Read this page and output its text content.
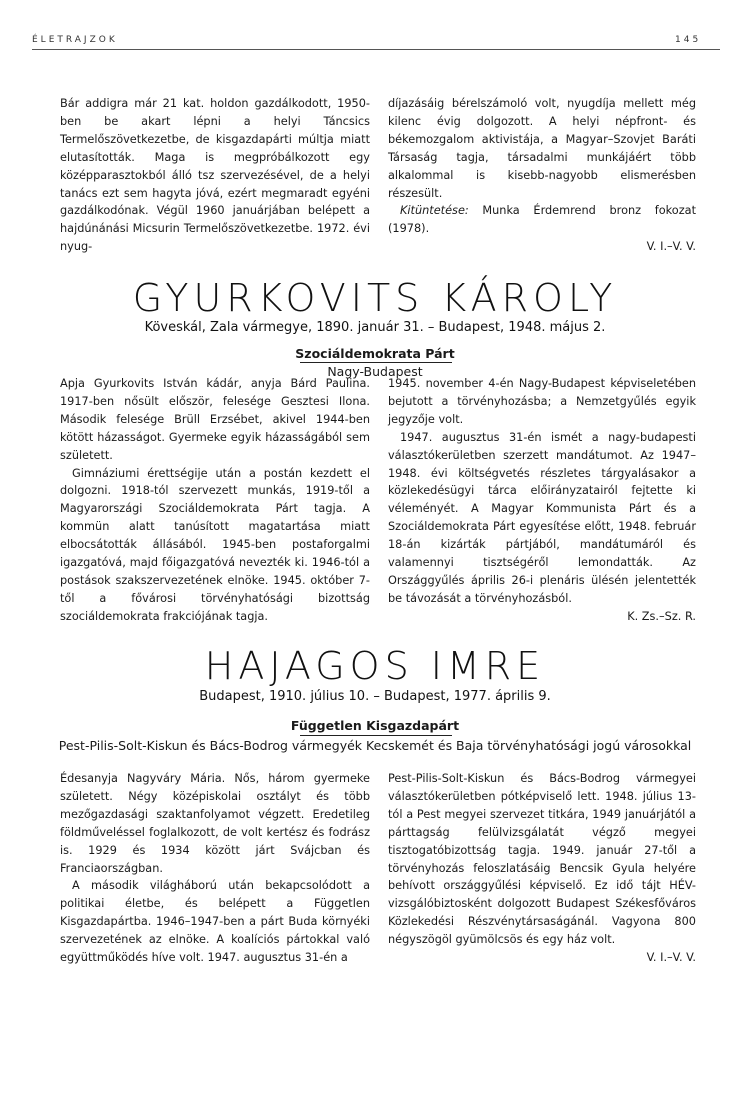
ÉLETRAJZOK	145

Bár addigra már 21 kat. holdon gazdálkodott, 1950-ben be akart lépni a helyi Táncsics Termelőszövetkezetbe, de kisgazdapárti múltja miatt elutasították. Maga is megpróbálkozott egy középparasztokból álló tsz szervezésével, de a helyi tanács ezt sem hagyta jóvá, ezért megmaradt egyéni gazdálkodónak. Végül 1960 januárjában belépett a hajdúnánási Micsurin Termelőszövetkezetbe. 1972. évi nyug-

díjazásáig bérelszámoló volt, nyugdíja mellett még kilenc évig dolgozott. A helyi népfront- és békemozgalom aktivistája, a Magyar–Szovjet Baráti Társaság tagja, társadalmi munkájáért több alkalommal is kisebb-nagyobb elismerésben részesült.

Kitüntetése: Munka Érdemrend bronz fokozat (1978).

V. I.–V. V.

GYURKOVITS KÁROLY
Köveskál, Zala vármegye, 1890. január 31. – Budapest, 1948. május 2.
Szociáldemokrata Párt
Nagy-Budapest

Apja Gyurkovits István kádár, anyja Bárd Paulina. 1917-ben nősült először, felesége Gesztesi Ilona. Második felesége Brüll Erzsébet, akivel 1944-ben kötött házasságot. Gyermeke egyik házasságából sem született.

Gimnáziumi érettségije után a postán kezdett el dolgozni. 1918-tól szervezett munkás, 1919-től a Magyarországi Szociáldemokrata Párt tagja. A kommün alatt tanúsított magatartása miatt elbocsátották állásából. 1945-ben postaforgalmi igazgatóvá, majd főigazgatóvá nevezték ki. 1946-tól a postások szakszervezetének elnöke. 1945. október 7-től a fővárosi törvényhatósági bizottság szociáldemokrata frakciójának tagja.

1945. november 4-én Nagy-Budapest képviseletében bejutott a törvényhozásba; a Nemzetgyűlés egyik jegyzője volt.

1947. augusztus 31-én ismét a nagy-budapesti választókerületben szerzett mandátumot. Az 1947–1948. évi költségvetés részletes tárgyalásakor a közlekedésügyi tárca előirányzatairól fejtette ki véleményét. A Magyar Kommunista Párt és a Szociáldemokrata Párt egyesítése előtt, 1948. február 18-án kizárták pártjából, mandátumáról és valamennyi tisztségéről lemondatták. Az Országgyűlés április 26-i plenáris ülésén jelentették be távozását a törvényhozásból.

K. Zs.–Sz. R.

HAJAGOS IMRE
Budapest, 1910. július 10. – Budapest, 1977. április 9.
Független Kisgazdapárt
Pest-Pilis-Solt-Kiskun és Bács-Bodrog vármegyék Kecskemét és Baja törvényhatósági jogú városokkal

Édesanyja Nagyváry Mária. Nős, három gyermeke született. Négy középiskolai osztályt és több mezőgazdasági szaktanfolyamot végzett. Eredetileg földműveléssel foglalkozott, de volt kertész és fodrász is. 1929 és 1934 között járt Svájcban és Franciaországban.

A második világháború után bekapcsolódott a politikai életbe, és belépett a Független Kisgazdapártba. 1946–1947-ben a párt Buda környéki szervezetének az elnöke. A koalíciós pártokkal való együttműködés híve volt. 1947. augusztus 31-én a

Pest-Pilis-Solt-Kiskun és Bács-Bodrog vármegyei választókerületben pótképviselő lett. 1948. július 13-tól a Pest megyei szervezet titkára, 1949 januárjától a párttagság felülvizsgálatát végző megyei tisztogatóbizottság tagja. 1949. január 27-től a törvényhozás feloszlatásáig Bencsik Gyula helyére behívott országgyűlési képviselő. Ez idő tájt HÉV-vizsgálóbiztosként dolgozott Budapest Székesfőváros Közlekedési Részvénytársaságánál. Vagyona 800 négyszögöl gyümölcsös és egy ház volt.

V. I.–V. V.
